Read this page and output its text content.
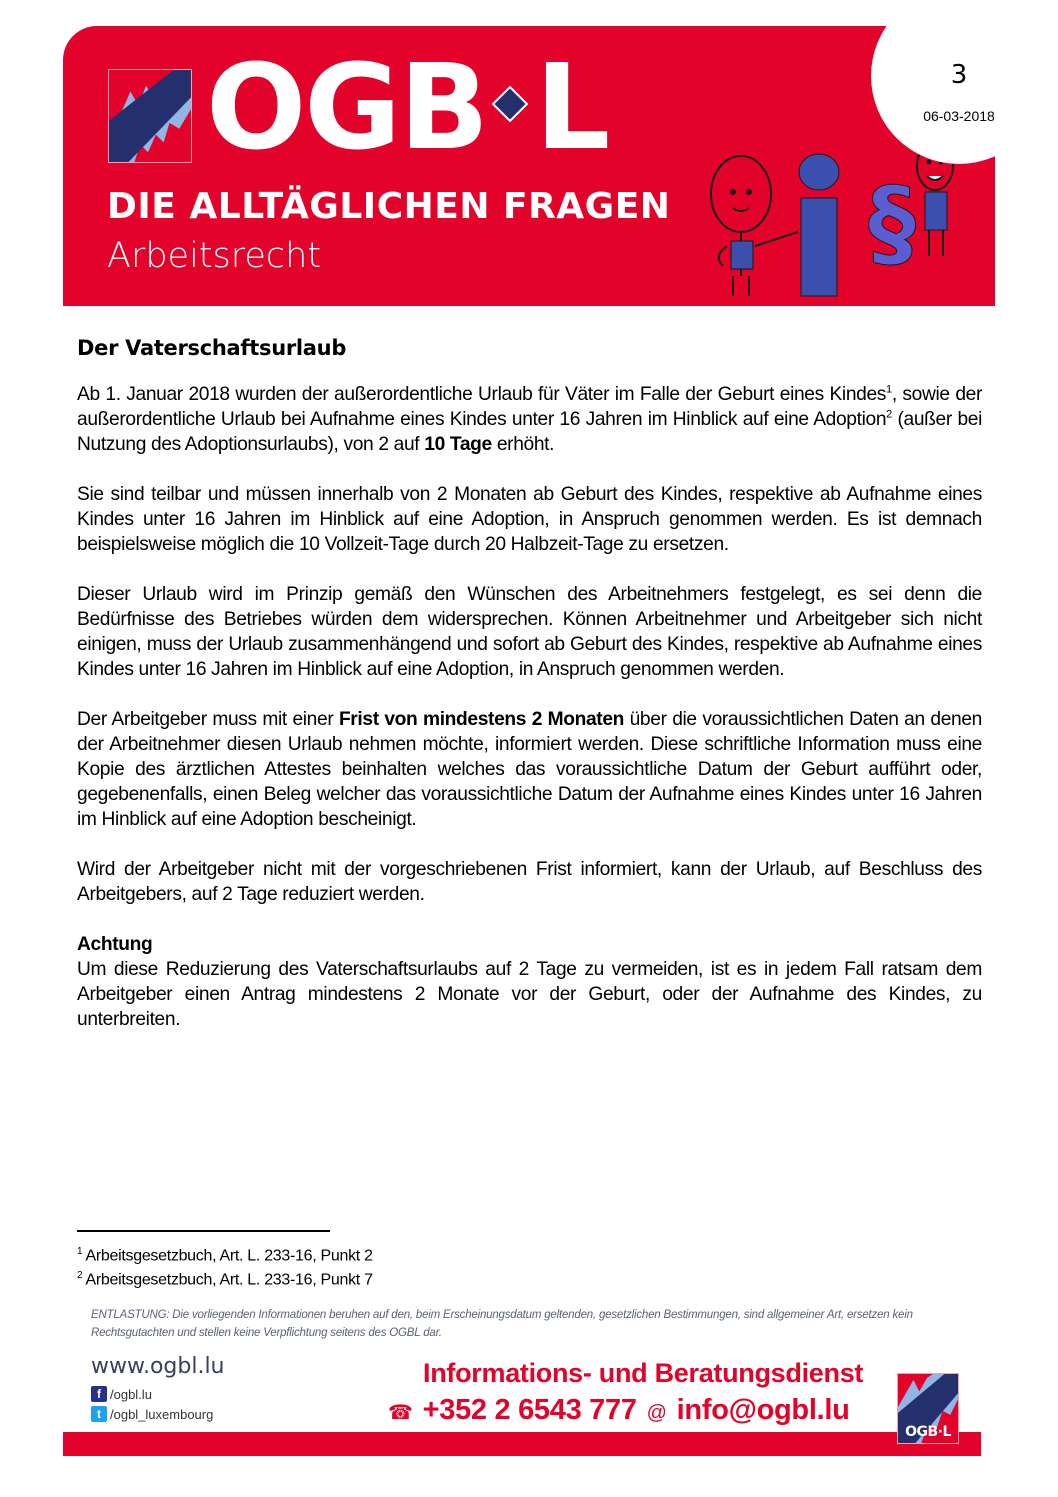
OGB L
DIE ALLTÄGLICHEN FRAGEN
Arbeitsrecht	§
3
06-03-2018
Der Vaterschaftsurlaub

Ab 1. Januar 2018 wurden der außerordentliche Urlaub für Väter im Falle der Geburt eines Kindes$^1$, sowie der außerordentliche Urlaub bei Aufnahme eines Kindes unter 16 Jahren im Hinblick auf eine Adoption$^2$ (außer bei Nutzung des Adoptionsurlaubs), von 2 auf 10 Tage erhöht.

Sie sind teilbar und müssen innerhalb von 2 Monaten ab Geburt des Kindes, respektive ab Aufnahme eines Kindes unter 16 Jahren im Hinblick auf eine Adoption, in Anspruch genommen werden. Es ist demnach beispielsweise möglich die 10 Vollzeit-Tage durch 20 Halbzeit-Tage zu ersetzen.

Dieser Urlaub wird im Prinzip gemäß den Wünschen des Arbeitnehmers festgelegt, es sei denn die Bedürfnisse des Betriebes würden dem widersprechen. Können Arbeitnehmer und Arbeitgeber sich nicht einigen, muss der Urlaub zusammenhängend und sofort ab Geburt des Kindes, respektive ab Aufnahme eines Kindes unter 16 Jahren im Hinblick auf eine Adoption, in Anspruch genommen werden.

Der Arbeitgeber muss mit einer Frist von mindestens 2 Monaten über die voraussichtlichen Daten an denen der Arbeitnehmer diesen Urlaub nehmen möchte, informiert werden. Diese schriftliche Information muss eine Kopie des ärztlichen Attestes beinhalten welches das voraussichtliche Datum der Geburt aufführt oder, gegebenenfalls, einen Beleg welcher das voraussichtliche Datum der Aufnahme eines Kindes unter 16 Jahren im Hinblick auf eine Adoption bescheinigt.

Wird der Arbeitgeber nicht mit der vorgeschriebenen Frist informiert, kann der Urlaub, auf Beschluss des Arbeitgebers, auf 2 Tage reduziert werden.

Achtung

Um diese Reduzierung des Vaterschaftsurlaubs auf 2 Tage zu vermeiden, ist es in jedem Fall ratsam dem Arbeitgeber einen Antrag mindestens 2 Monate vor der Geburt, oder der Aufnahme des Kindes, zu unterbreiten.

$^1$ Arbeitsgesetzbuch, Art. L. 233-16, Punkt 2
$^2$ Arbeitsgesetzbuch, Art. L. 233-16, Punkt 7
ENTLASTUNG: Die vorliegenden Informationen beruhen auf den, beim Erscheinungsdatum geltenden, gesetzlichen Bestimmungen, sind allgemeiner Art, ersetzen kein Rechtsgutachten und stellen keine Verpflichtung seitens des OGBL dar.
www.ogbl.lu
f /ogbl.lu
t /ogbl_luxembourg
Informations- und Beratungsdienst
☎ +352 2 6543 777 @ info@ogbl.lu
OGB·L
